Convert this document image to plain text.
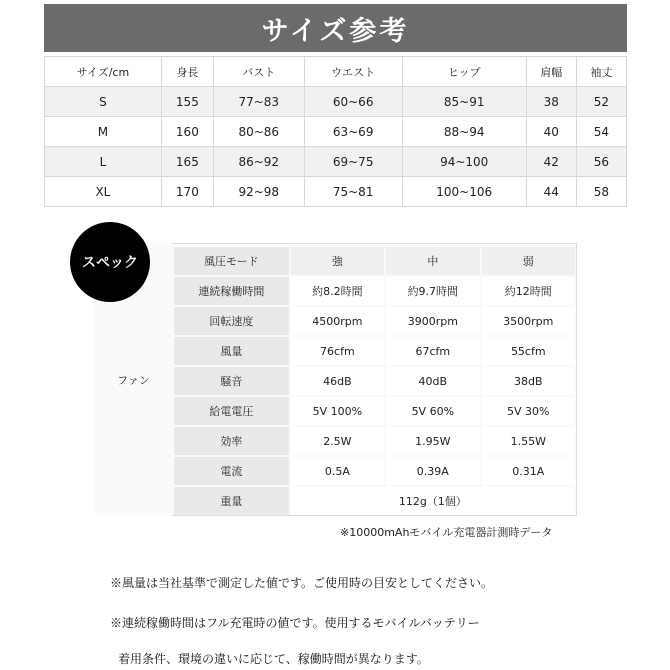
サイズ参考
サイズ/cm	身長	バスト	ウエスト	ヒップ	肩幅	袖丈
S	155	77~83	60~66	85~91	38	52
M	160	80~86	63~69	88~94	40	54
L	165	86~92	69~75	94~100	42	56
XL	170	92~98	75~81	100~106	44	58
ファン
スペック	風圧モード	強	中	弱
連続稼働時間	約8.2時間	約9.7時間	約12時間
回転速度	4500rpm	3900rpm	3500rpm
風量	76cfm	67cfm	55cfm
騒音	46dB	40dB	38dB
給電電圧	5V 100%	5V 60%	5V 30%
効率	2.5W	1.95W	1.55W
電流	0.5A	0.39A	0.31A
重量	112g（1個）		
※10000mAhモバイル充電器計測時データ
※風量は当社基準で測定した値です。ご使用時の目安としてください。
※連続稼働時間はフル充電時の値です。使用するモバイルバッテリー
着用条件、環境の違いに応じて、稼働時間が異なります。
